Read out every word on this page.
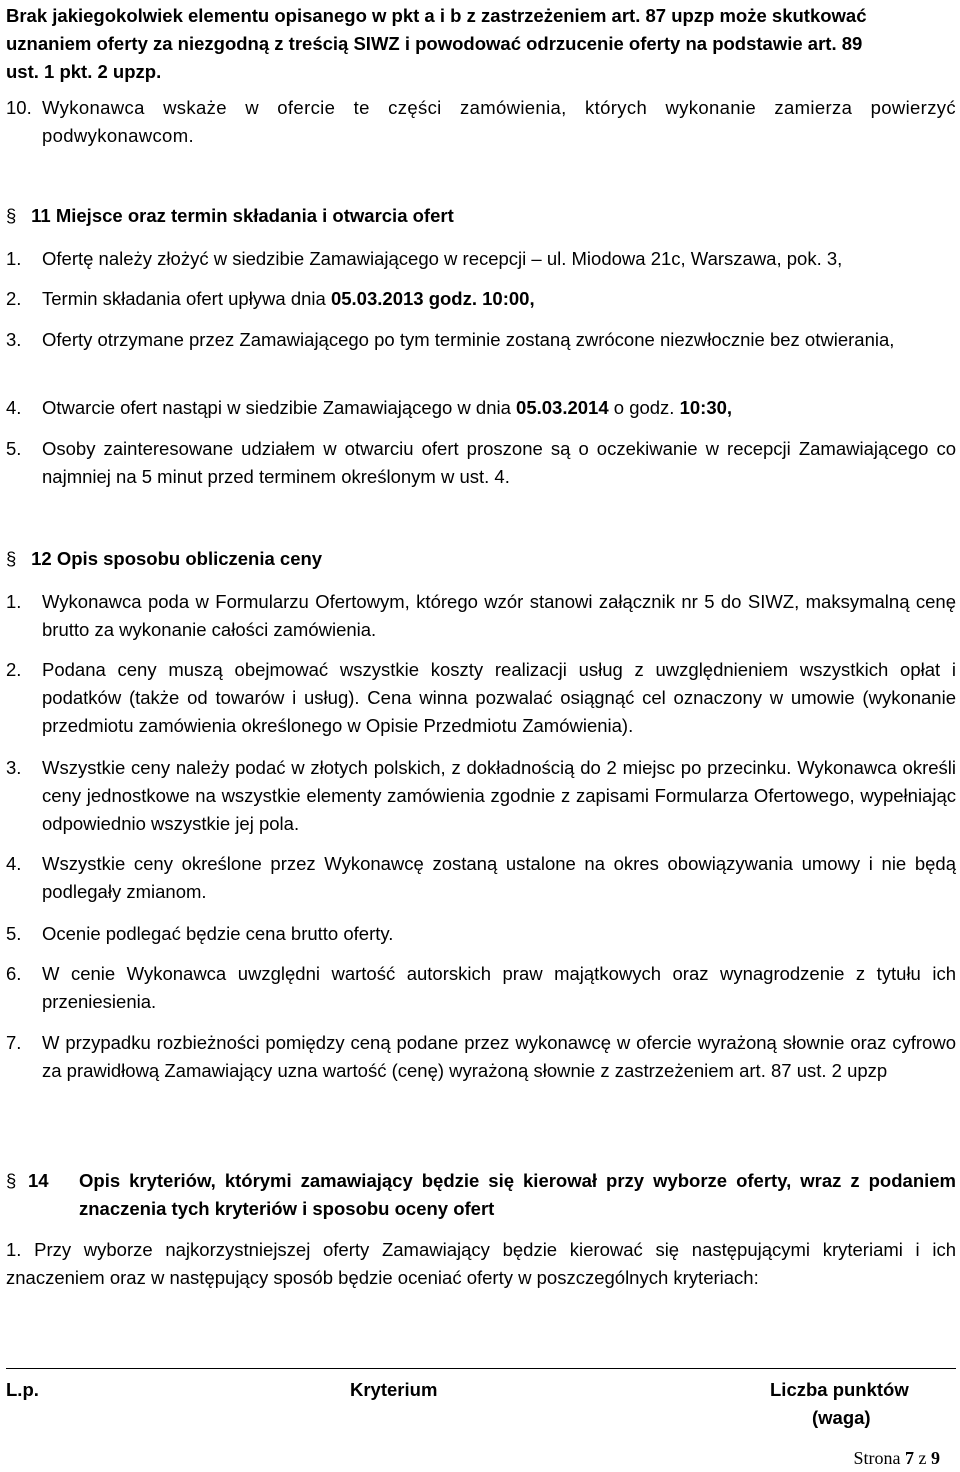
Brak jakiegokolwiek elementu opisanego w pkt a i b z zastrzeżeniem art. 87 upzp może skutkować

uznaniem oferty za niezgodną z treścią SIWZ i powodować odrzucenie oferty na podstawie art. 89

ust. 1 pkt. 2 upzp.

10. Wykonawca wskaże w ofercie te części zamówienia, których wykonanie zamierza powierzyć podwykonawcom.
§ 11 Miejsce oraz termin składania i otwarcia ofert
1. Ofertę należy złożyć w siedzibie Zamawiającego w recepcji – ul. Miodowa 21c, Warszawa, pok. 3,
2. Termin składania ofert upływa dnia 05.03.2013 godz. 10:00,
3. Oferty otrzymane przez Zamawiającego po tym terminie zostaną zwrócone niezwłocznie bez otwierania,
4. Otwarcie ofert nastąpi w siedzibie Zamawiającego w dnia 05.03.2014 o godz. 10:30,
5. Osoby zainteresowane udziałem w otwarciu ofert proszone są o oczekiwanie w recepcji Zamawiającego co najmniej na 5 minut przed terminem określonym w ust. 4.
§ 12 Opis sposobu obliczenia ceny
1. Wykonawca poda w Formularzu Ofertowym, którego wzór stanowi załącznik nr 5 do SIWZ, maksymalną cenę brutto za wykonanie całości zamówienia.
2. Podana ceny muszą obejmować wszystkie koszty realizacji usług z uwzględnieniem wszystkich opłat i podatków (także od towarów i usług). Cena winna pozwalać osiągnąć cel oznaczony w umowie (wykonanie przedmiotu zamówienia określonego w Opisie Przedmiotu Zamówienia).
3. Wszystkie ceny należy podać w złotych polskich, z dokładnością do 2 miejsc po przecinku. Wykonawca określi ceny jednostkowe na wszystkie elementy zamówienia zgodnie z zapisami Formularza Ofertowego, wypełniając odpowiednio wszystkie jej pola.
4. Wszystkie ceny określone przez Wykonawcę zostaną ustalone na okres obowiązywania umowy i nie będą podlegały zmianom.
5. Ocenie podlegać będzie cena brutto oferty.
6. W cenie Wykonawca uwzględni wartość autorskich praw majątkowych oraz wynagrodzenie z tytułu ich przeniesienia.
7. W przypadku rozbieżności pomiędzy ceną podane przez wykonawcę w ofercie wyrażoną słownie oraz cyfrowo za prawidłową Zamawiający uzna wartość (cenę) wyrażoną słownie z zastrzeżeniem art. 87 ust. 2 upzp
§ 14 Opis kryteriów, którymi zamawiający będzie się kierował przy wyborze oferty, wraz z podaniem znaczenia tych kryteriów i sposobu oceny ofert

1. Przy wyborze najkorzystniejszej oferty Zamawiający będzie kierować się następującymi kryteriami i ich znaczeniem oraz w następujący sposób będzie oceniać oferty w poszczególnych kryteriach:

L.p.	Kryterium	Liczba punktów
(waga)
Strona 7 z 9
